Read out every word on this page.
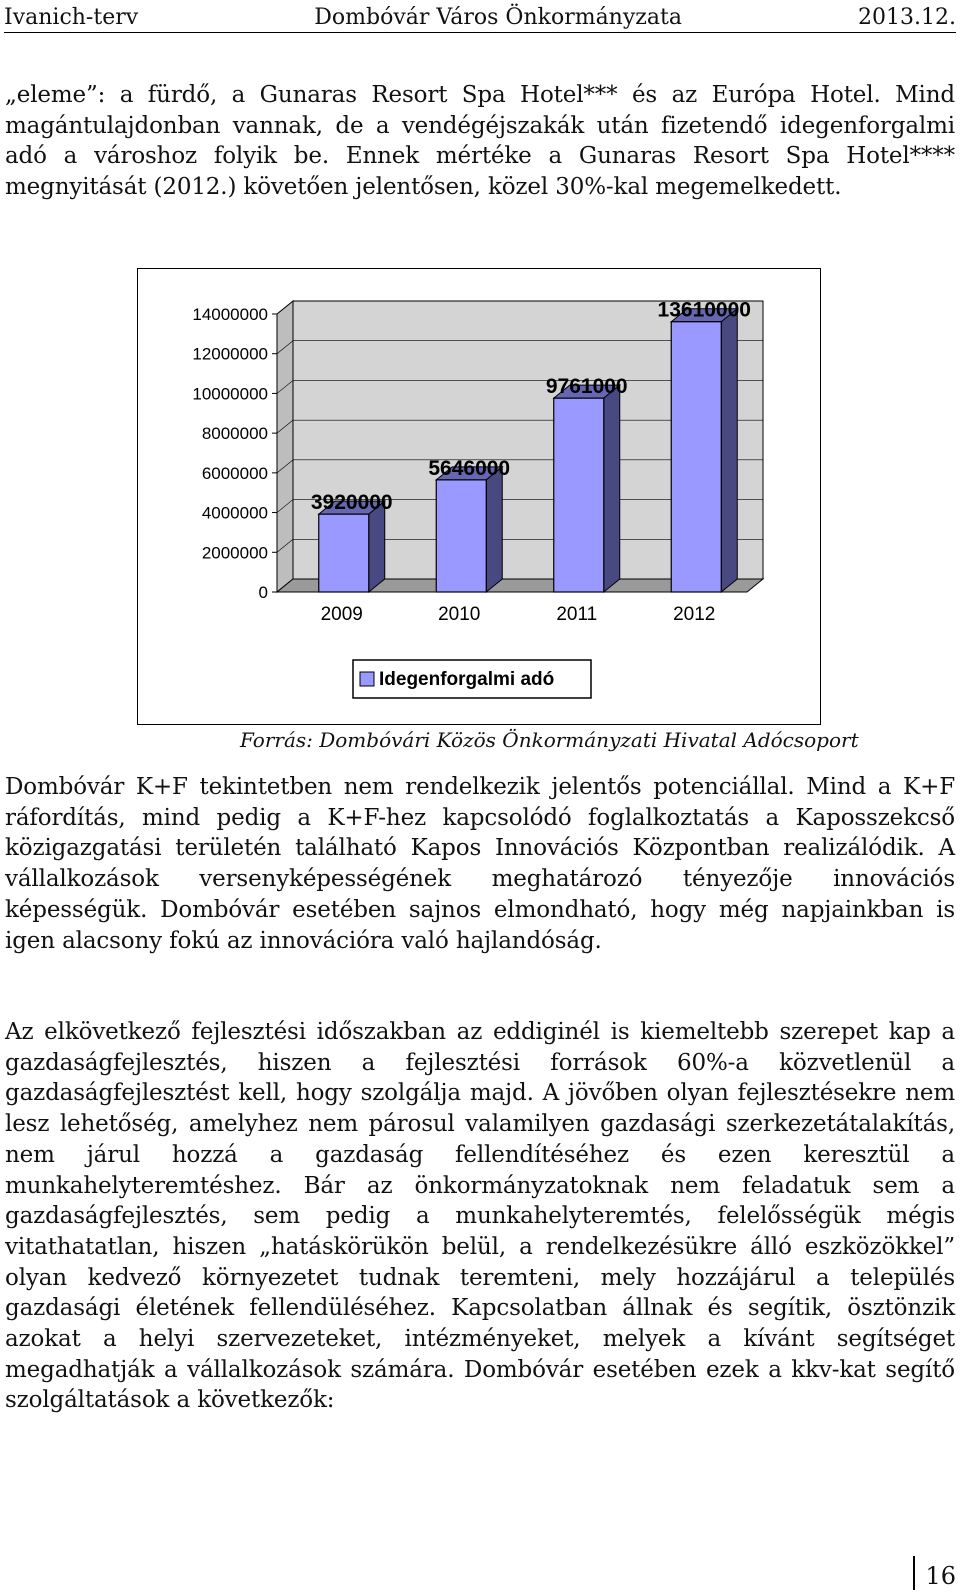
Ivanich-terv	Dombóvár Város Önkormányzata	2013.12.

„eleme”: a fürdő, a Gunaras Resort Spa Hotel*** és az Európa Hotel. Mind magántulajdonban vannak, de a vendégéjszakák után fizetendő idegenforgalmi adó a városhoz folyik be. Ennek mértéke a Gunaras Resort Spa Hotel**** megnyitását (2012.) követően jelentősen, közel 30%-kal megemelkedett.

0
2000000
4000000
6000000
8000000
10000000
12000000
14000000
3920000
2009
5646000
2010
9761000
2011
13610000
2012
Idegenforgalmi adó
Forrás: Dombóvári Közös Önkormányzati Hivatal Adócsoport

Dombóvár K+F tekintetben nem rendelkezik jelentős potenciállal. Mind a K+F ráfordítás, mind pedig a K+F-hez kapcsolódó foglalkoztatás a Kaposszekcső közigazgatási területén található Kapos Innovációs Központban realizálódik. A vállalkozások versenyképességének meghatározó tényezője innovációs képességük. Dombóvár esetében sajnos elmondható, hogy még napjainkban is igen alacsony fokú az innovációra való hajlandóság.

Az elkövetkező fejlesztési időszakban az eddiginél is kiemeltebb szerepet kap a gazdaságfejlesztés, hiszen a fejlesztési források 60%-a közvetlenül a gazdaságfejlesztést kell, hogy szolgálja majd. A jövőben olyan fejlesztésekre nem lesz lehetőség, amelyhez nem párosul valamilyen gazdasági szerkezetátalakítás, nem járul hozzá a gazdaság fellendítéséhez és ezen keresztül a munkahelyteremtéshez. Bár az önkormányzatoknak nem feladatuk sem a gazdaságfejlesztés, sem pedig a munkahelyteremtés, felelősségük mégis vitathatatlan, hiszen „hatáskörükön belül, a rendelkezésükre álló eszközökkel” olyan kedvező környezetet tudnak teremteni, mely hozzájárul a település gazdasági életének fellendüléséhez. Kapcsolatban állnak és segítik, ösztönzik azokat a helyi szervezeteket, intézményeket, melyek a kívánt segítséget megadhatják a vállalkozások számára. Dombóvár esetében ezek a kkv-kat segítő szolgáltatások a következők:

16
